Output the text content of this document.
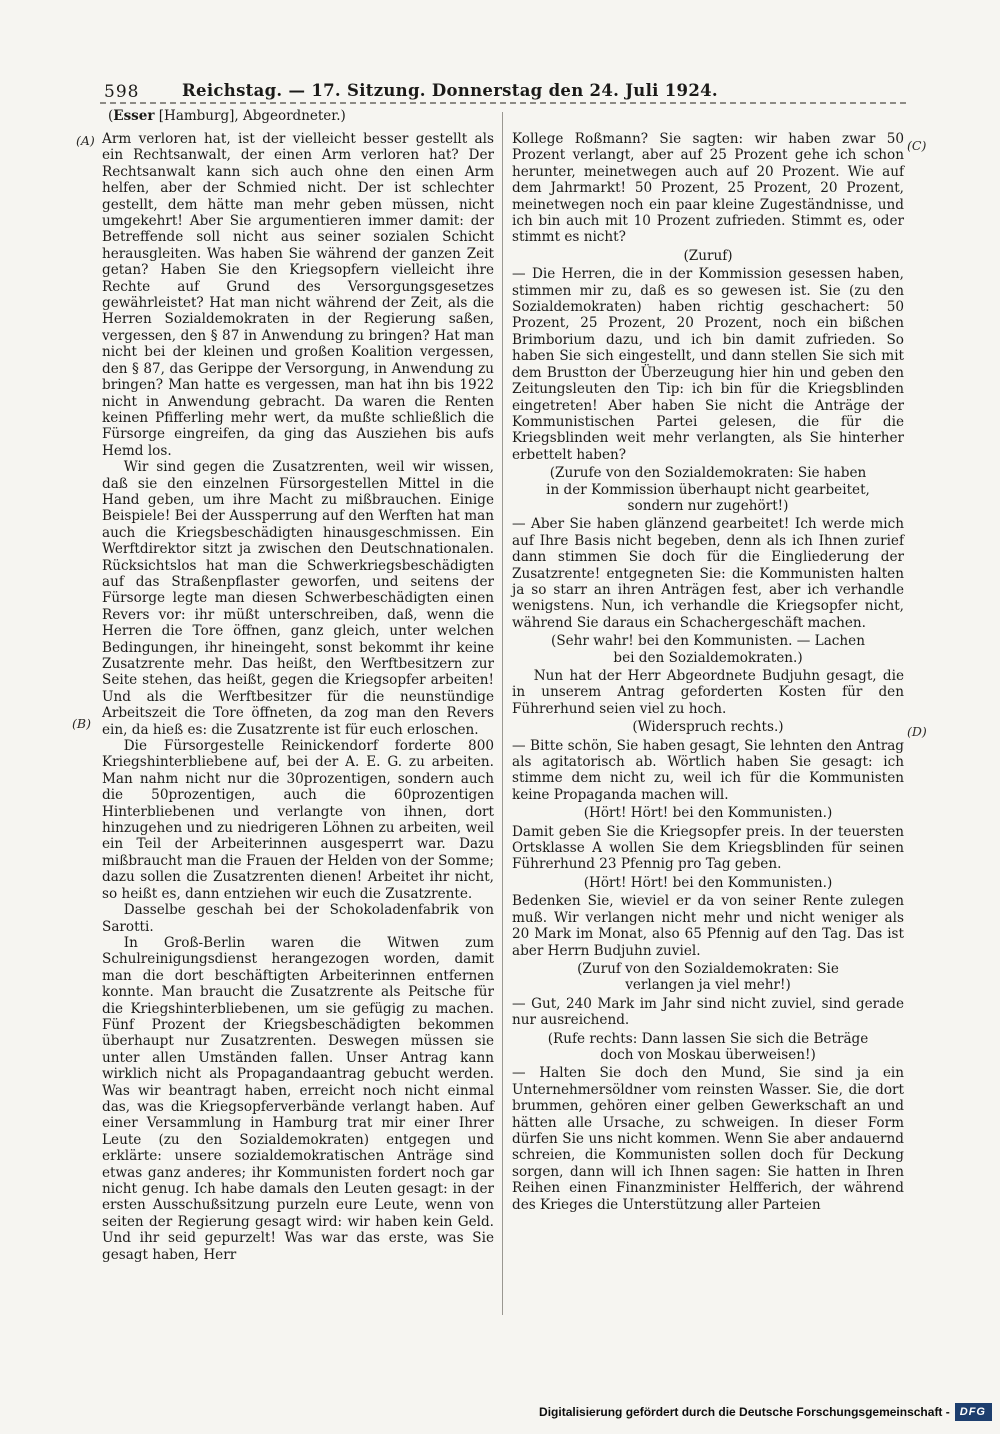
598	Reichstag. — 17. Sitzung. Donnerstag den 24. Juli 1924.
(Esser [Hamburg], Abgeordneter.)
(A)
(B)
(C)
(D)

Arm verloren hat, ist der vielleicht besser gestellt als ein Rechtsanwalt, der einen Arm verloren hat? Der Rechtsanwalt kann sich auch ohne den einen Arm helfen, aber der Schmied nicht. Der ist schlechter gestellt, dem hätte man mehr geben müssen, nicht umgekehrt! Aber Sie argumentieren immer damit: der Betreffende soll nicht aus seiner sozialen Schicht herausgleiten. Was haben Sie während der ganzen Zeit getan? Haben Sie den Kriegsopfern vielleicht ihre Rechte auf Grund des Versorgungsgesetzes gewährleistet? Hat man nicht während der Zeit, als die Herren Sozialdemokraten in der Regierung saßen, vergessen, den § 87 in Anwendung zu bringen? Hat man nicht bei der kleinen und großen Koalition vergessen, den § 87, das Gerippe der Versorgung, in Anwendung zu bringen? Man hatte es vergessen, man hat ihn bis 1922 nicht in Anwendung gebracht. Da waren die Renten keinen Pfifferling mehr wert, da mußte schließlich die Fürsorge eingreifen, da ging das Ausziehen bis aufs Hemd los.

Wir sind gegen die Zusatzrenten, weil wir wissen, daß sie den einzelnen Fürsorgestellen Mittel in die Hand geben, um ihre Macht zu mißbrauchen. Einige Beispiele! Bei der Aussperrung auf den Werften hat man auch die Kriegsbeschädigten hinausgeschmissen. Ein Werftdirektor sitzt ja zwischen den Deutschnationalen. Rücksichtslos hat man die Schwerkriegsbeschädigten auf das Straßenpflaster geworfen, und seitens der Fürsorge legte man diesen Schwerbeschädigten einen Revers vor: ihr müßt unterschreiben, daß, wenn die Herren die Tore öffnen, ganz gleich, unter welchen Bedingungen, ihr hineingeht, sonst bekommt ihr keine Zusatzrente mehr. Das heißt, den Werftbesitzern zur Seite stehen, das heißt, gegen die Kriegsopfer arbeiten! Und als die Werftbesitzer für die neunstündige Arbeitszeit die Tore öffneten, da zog man den Revers ein, da hieß es: die Zusatzrente ist für euch erloschen.

Die Fürsorgestelle Reinickendorf forderte 800 Kriegshinterbliebene auf, bei der A. E. G. zu arbeiten. Man nahm nicht nur die 30prozentigen, sondern auch die 50prozentigen, auch die 60prozentigen Hinterbliebenen und verlangte von ihnen, dort hinzugehen und zu niedrigeren Löhnen zu arbeiten, weil ein Teil der Arbeiterinnen ausgesperrt war. Dazu mißbraucht man die Frauen der Helden von der Somme; dazu sollen die Zusatzrenten dienen! Arbeitet ihr nicht, so heißt es, dann entziehen wir euch die Zusatzrente.

Dasselbe geschah bei der Schokoladenfabrik von Sarotti.

In Groß-Berlin waren die Witwen zum Schulreinigungsdienst herangezogen worden, damit man die dort beschäftigten Arbeiterinnen entfernen konnte. Man braucht die Zusatzrente als Peitsche für die Kriegshinterbliebenen, um sie gefügig zu machen. Fünf Prozent der Kriegsbeschädigten bekommen überhaupt nur Zusatzrenten. Deswegen müssen sie unter allen Umständen fallen. Unser Antrag kann wirklich nicht als Propagandaantrag gebucht werden. Was wir beantragt haben, erreicht noch nicht einmal das, was die Kriegsopferverbände verlangt haben. Auf einer Versammlung in Hamburg trat mir einer Ihrer Leute (zu den Sozialdemokraten) entgegen und erklärte: unsere sozialdemokratischen Anträge sind etwas ganz anderes; ihr Kommunisten fordert noch gar nicht genug. Ich habe damals den Leuten gesagt: in der ersten Ausschußsitzung purzeln eure Leute, wenn von seiten der Regierung gesagt wird: wir haben kein Geld. Und ihr seid gepurzelt! Was war das erste, was Sie gesagt haben, Herr

Kollege Roßmann? Sie sagten: wir haben zwar 50 Prozent verlangt, aber auf 25 Prozent gehe ich schon herunter, meinetwegen auch auf 20 Prozent. Wie auf dem Jahrmarkt! 50 Prozent, 25 Prozent, 20 Prozent, meinetwegen noch ein paar kleine Zugeständnisse, und ich bin auch mit 10 Prozent zufrieden. Stimmt es, oder stimmt es nicht?

(Zuruf)

— Die Herren, die in der Kommission gesessen haben, stimmen mir zu, daß es so gewesen ist. Sie (zu den Sozialdemokraten) haben richtig geschachert: 50 Prozent, 25 Prozent, 20 Prozent, noch ein bißchen Brimborium dazu, und ich bin damit zufrieden. So haben Sie sich eingestellt, und dann stellen Sie sich mit dem Brustton der Überzeugung hier hin und geben den Zeitungsleuten den Tip: ich bin für die Kriegsblinden eingetreten! Aber haben Sie nicht die Anträge der Kommunistischen Partei gelesen, die für die Kriegsblinden weit mehr verlangten, als Sie hinterher erbettelt haben?

(Zurufe von den Sozialdemokraten: Sie haben in der Kommission überhaupt nicht gearbeitet, sondern nur zugehört!)

— Aber Sie haben glänzend gearbeitet! Ich werde mich auf Ihre Basis nicht begeben, denn als ich Ihnen zurief dann stimmen Sie doch für die Eingliederung der Zusatzrente! entgegneten Sie: die Kommunisten halten ja so starr an ihren Anträgen fest, aber ich verhandle wenigstens. Nun, ich verhandle die Kriegsopfer nicht, während Sie daraus ein Schachergeschäft machen.

(Sehr wahr! bei den Kommunisten. — Lachen bei den Sozialdemokraten.)

Nun hat der Herr Abgeordnete Budjuhn gesagt, die in unserem Antrag geforderten Kosten für den Führerhund seien viel zu hoch.

(Widerspruch rechts.)

— Bitte schön, Sie haben gesagt, Sie lehnten den Antrag als agitatorisch ab. Wörtlich haben Sie gesagt: ich stimme dem nicht zu, weil ich für die Kommunisten keine Propaganda machen will.

(Hört! Hört! bei den Kommunisten.)

Damit geben Sie die Kriegsopfer preis. In der teuersten Ortsklasse A wollen Sie dem Kriegsblinden für seinen Führerhund 23 Pfennig pro Tag geben.

(Hört! Hört! bei den Kommunisten.)

Bedenken Sie, wieviel er da von seiner Rente zulegen muß. Wir verlangen nicht mehr und nicht weniger als 20 Mark im Monat, also 65 Pfennig auf den Tag. Das ist aber Herrn Budjuhn zuviel.

(Zuruf von den Sozialdemokraten: Sie verlangen ja viel mehr!)

— Gut, 240 Mark im Jahr sind nicht zuviel, sind gerade nur ausreichend.

(Rufe rechts: Dann lassen Sie sich die Beträge doch von Moskau überweisen!)

— Halten Sie doch den Mund, Sie sind ja ein Unternehmersöldner vom reinsten Wasser. Sie, die dort brummen, gehören einer gelben Gewerkschaft an und hätten alle Ursache, zu schweigen. In dieser Form dürfen Sie uns nicht kommen. Wenn Sie aber andauernd schreien, die Kommunisten sollen doch für Deckung sorgen, dann will ich Ihnen sagen: Sie hatten in Ihren Reihen einen Finanzminister Helfferich, der während des Krieges die Unterstützung aller Parteien

Digitalisierung gefördert durch die Deutsche Forschungsgemeinschaft - DFG
